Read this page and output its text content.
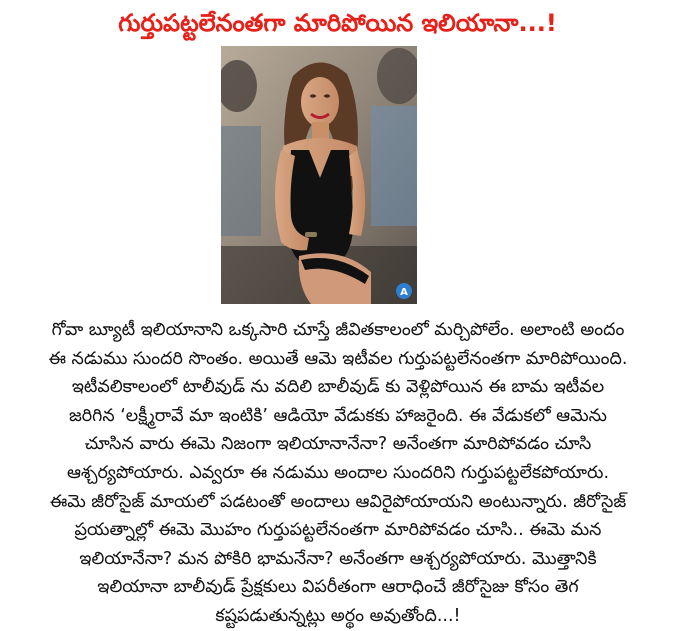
గుర్తుపట్టలేనంతగా మారిపోయిన ఇలియానా...!
A

గోవా బ్యూటీ ఇలియానాని ఒక్కసారి చూస్తే జీవితకాలంలో మర్చిపోలేం. అలాంటి అందం ఈ నడుము సుందరి సొంతం. అయితే ఆమె ఇటీవల గుర్తుపట్టలేనంతగా మారిపోయింది. ఇటీవలికాలంలో టాలీవుడ్ ను వదిలి బాలీవుడ్ కు వెళ్లిపోయిన ఈ బామ ఇటీవల జరిగిన ‘లక్ష్మీరావే మా ఇంటికి’ ఆడియో వేడుకకు హాజరైంది. ఈ వేడుకలో ఆమెను చూసిన వారు ఈమె నిజంగా ఇలియానానేనా? అనేంతగా మారిపోవడం చూసి ఆశ్చర్యపోయారు. ఎవ్వరూ ఈ నడుము అందాల సుందరిని గుర్తుపట్టలేకపోయారు. ఈమె జీరోసైజ్ మాయలో పడటంతో అందాలు ఆవిరైపోయాయని అంటున్నారు. జీరోసైజ్ ప్రయత్నాల్లో ఈమె మొహం గుర్తుపట్టలేనంతగా మారిపోవడం చూసి.. ఈమె మన ఇలియానేనా? మన పోకిరి భామనేనా? అనేంతగా ఆశ్చర్యపోయారు. మొత్తానికి ఇలియానా బాలీవుడ్ ప్రేక్షకులు విపరీతంగా ఆరాధించే జీరోసైజు కోసం తెగ కష్టపడుతున్నట్లు అర్థం అవుతోంది...!
